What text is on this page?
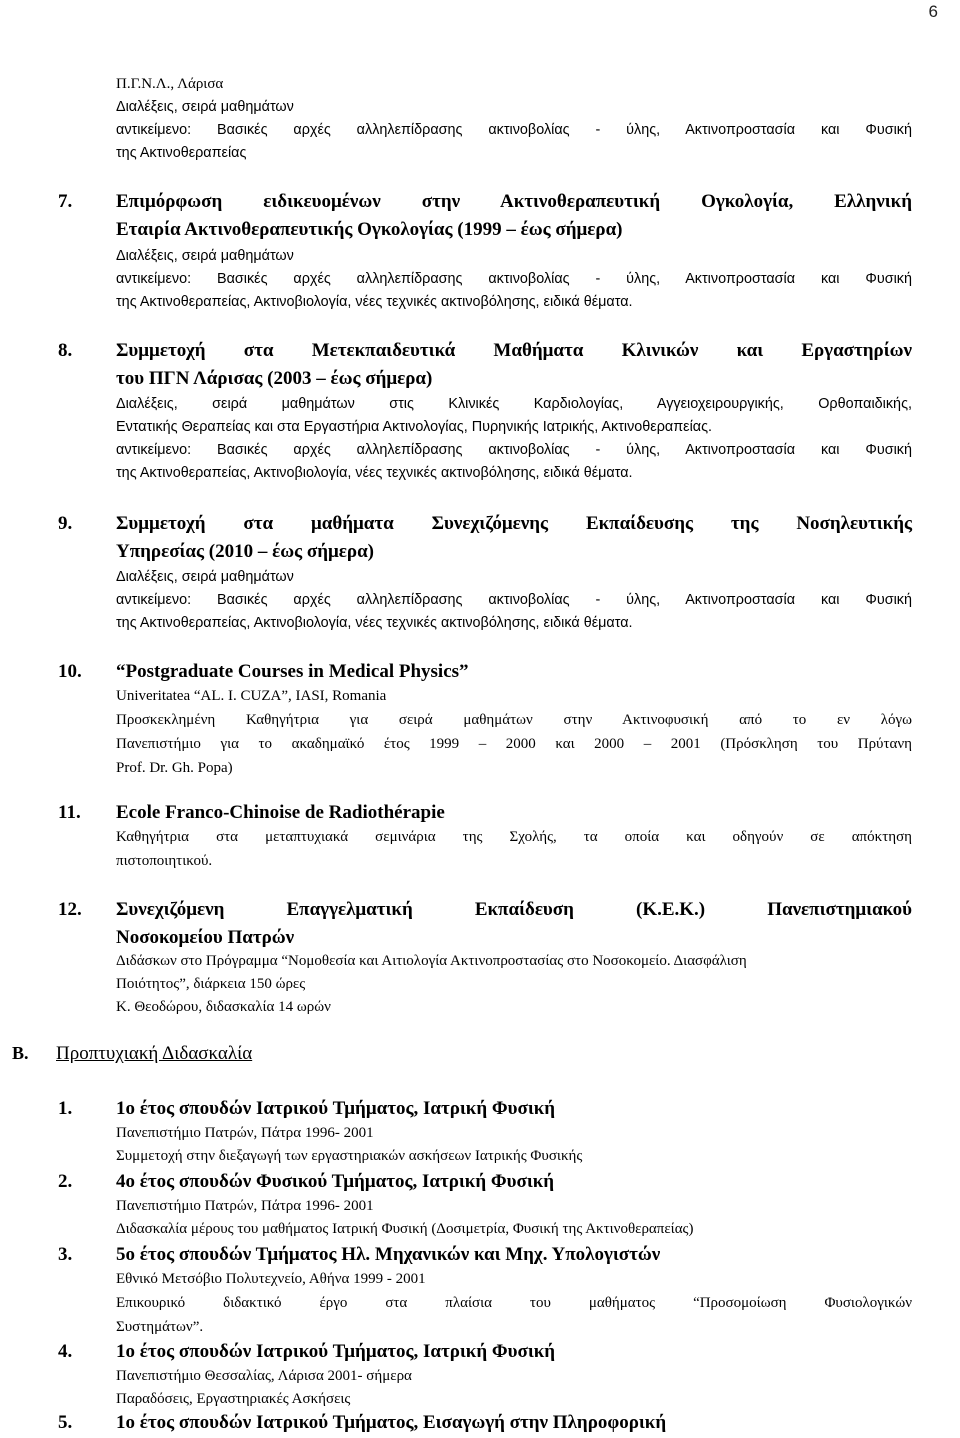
6
Π.Γ.Ν.Λ., Λάρισα
Διαλέξεις, σειρά μαθημάτων
αντικείμενο: Βασικές αρχές αλληλεπίδρασης ακτινοβολίας - ύλης, Ακτινοπροστασία και Φυσική
της Ακτινοθεραπείας
7. Επιμόρφωση ειδικευομένων στην Ακτινοθεραπευτική Ογκολογία, Ελληνική
Εταιρία Ακτινοθεραπευτικής Ογκολογίας (1999 – έως σήμερα)
Διαλέξεις, σειρά μαθημάτων
αντικείμενο: Βασικές αρχές αλληλεπίδρασης ακτινοβολίας - ύλης, Ακτινοπροστασία και Φυσική
της Ακτινοθεραπείας, Ακτινοβιολογία, νέες τεχνικές ακτινοβόλησης, ειδικά θέματα.
8. Συμμετοχή στα Μετεκπαιδευτικά Μαθήματα Κλινικών και Εργαστηρίων
του ΠΓΝ Λάρισας (2003 – έως σήμερα)
Διαλέξεις, σειρά μαθημάτων στις Κλινικές Καρδιολογίας, Αγγειοχειρουργικής, Ορθοπαιδικής,
Εντατικής Θεραπείας και στα Εργαστήρια Ακτινολογίας, Πυρηνικής Ιατρικής, Ακτινοθεραπείας.
αντικείμενο: Βασικές αρχές αλληλεπίδρασης ακτινοβολίας - ύλης, Ακτινοπροστασία και Φυσική
της Ακτινοθεραπείας, Ακτινοβιολογία, νέες τεχνικές ακτινοβόλησης, ειδικά θέματα.
9. Συμμετοχή στα μαθήματα Συνεχιζόμενης Εκπαίδευσης της Νοσηλευτικής
Υπηρεσίας (2010 – έως σήμερα)
Διαλέξεις, σειρά μαθημάτων
αντικείμενο: Βασικές αρχές αλληλεπίδρασης ακτινοβολίας - ύλης, Ακτινοπροστασία και Φυσική
της Ακτινοθεραπείας, Ακτινοβιολογία, νέες τεχνικές ακτινοβόλησης, ειδικά θέματα.
10. “Postgraduate Courses in Medical Physics”
Univeritatea “AL. I. CUZA”, IASI, Romania
Προσκεκλημένη Καθηγήτρια για σειρά μαθημάτων στην Ακτινοφυσική από το εν λόγω
Πανεπιστήμιο για το ακαδημαϊκό έτος 1999 – 2000 και 2000 – 2001 (Πρόσκληση του Πρύτανη
Prof. Dr. Gh. Popa)
11. Ecole Franco-Chinoise de Radiothérapie
Καθηγήτρια στα μεταπτυχιακά σεμινάρια της Σχολής, τα οποία και οδηγούν σε απόκτηση
πιστοποιητικού.
12. Συνεχιζόμενη Επαγγελματική Εκπαίδευση (Κ.Ε.Κ.) Πανεπιστημιακού
Νοσοκομείου Πατρών
Διδάσκων στο Πρόγραμμα “Νομοθεσία και Αιτιολογία Ακτινοπροστασίας στο Νοσοκομείο. Διασφάλιση
Ποιότητος”, διάρκεια 150 ώρες
Κ. Θεοδώρου, διδασκαλία 14 ωρών
B. Προπτυχιακή Διδασκαλία
1. 1ο έτος σπουδών Ιατρικού Τμήματος, Ιατρική Φυσική
Πανεπιστήμιο Πατρών, Πάτρα 1996- 2001
Συμμετοχή στην διεξαγωγή των εργαστηριακών ασκήσεων Ιατρικής Φυσικής
2. 4ο έτος σπουδών Φυσικού Τμήματος, Ιατρική Φυσική
Πανεπιστήμιο Πατρών, Πάτρα 1996- 2001
Διδασκαλία μέρους του μαθήματος Ιατρική Φυσική (Δοσιμετρία, Φυσική της Ακτινοθεραπείας)
3. 5ο έτος σπουδών Τμήματος Ηλ. Μηχανικών και Μηχ. Υπολογιστών
Εθνικό Μετσόβιο Πολυτεχνείο, Αθήνα 1999 - 2001
Επικουρικό διδακτικό έργο στα πλαίσια του μαθήματος “Προσομοίωση Φυσιολογικών
Συστημάτων”.
4. 1ο έτος σπουδών Ιατρικού Τμήματος, Ιατρική Φυσική
Πανεπιστήμιο Θεσσαλίας, Λάρισα 2001- σήμερα
Παραδόσεις, Εργαστηριακές Ασκήσεις
5. 1ο έτος σπουδών Ιατρικού Τμήματος, Εισαγωγή στην Πληροφορική
